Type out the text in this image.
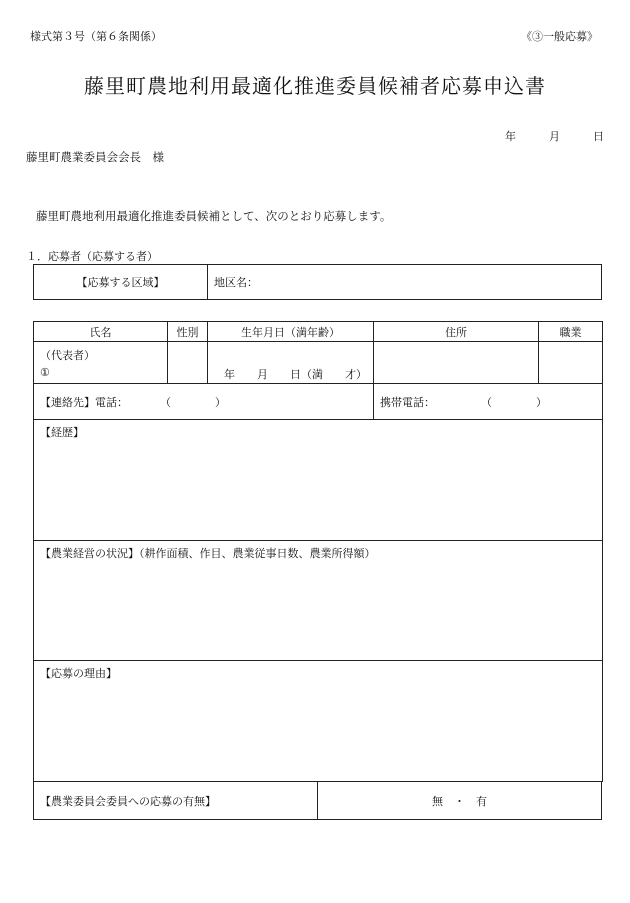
様式第３号（第６条関係）	《③一般応募》
藤里町農地利用最適化推進委員候補者応募申込書
年	月	日
藤里町農業委員会会長　様
藤里町農地利用最適化推進委員候補として、次のとおり応募します。
１．応募者（応募する者）
【応募する区域】	地区名：
氏名	性別	生年月日（満年齢）	住所	職業

（代表者）
①		年　　月　　日（満　　才）		

【連絡先】電話： （　　　　）			携帯電話： （　　　　）	
【経歴】				
【農業経営の状況】（耕作面積、作目、農業従事日数、農業所得額）				
【応募の理由】				
【農業委員会委員への応募の有無】	無　・　有
